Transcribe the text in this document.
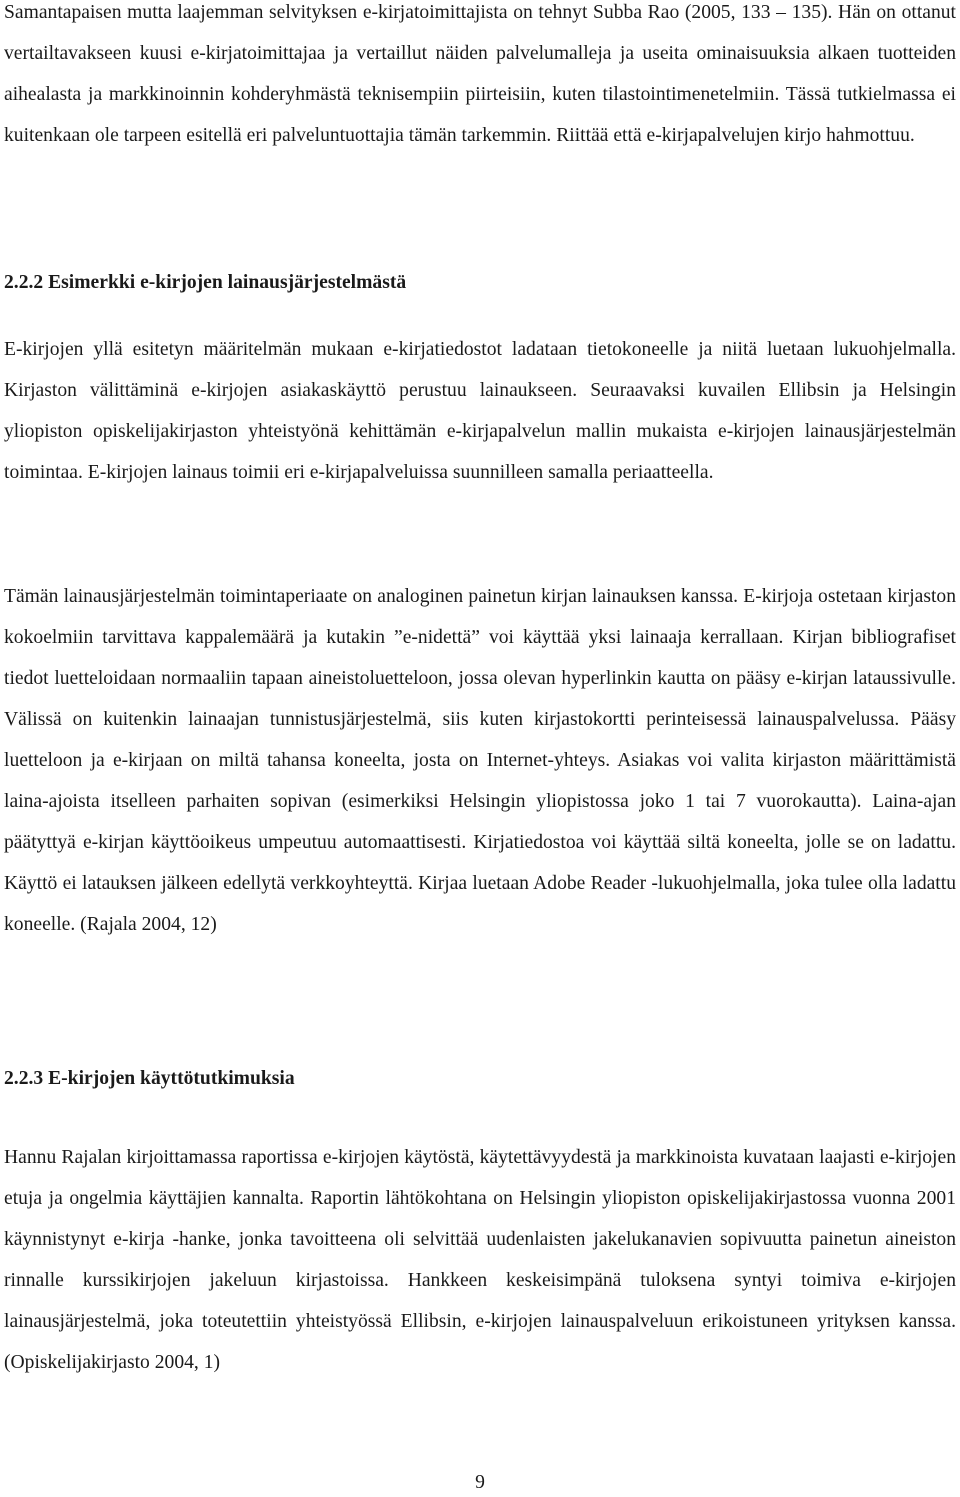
Samantapaisen mutta laajemman selvityksen e-kirjatoimittajista on tehnyt Subba Rao (2005, 133 – 135). Hän on ottanut vertailtavakseen kuusi e-kirjatoimittajaa ja vertaillut näiden palvelumalleja ja useita ominaisuuksia alkaen tuotteiden aihealasta ja markkinoinnin kohderyhmästä teknisempiin piirteisiin, kuten tilastointimenetelmiin. Tässä tutkielmassa ei kuitenkaan ole tarpeen esitellä eri palveluntuottajia tämän tarkemmin. Riittää että e-kirjapalvelujen kirjo hahmottuu.

2.2.2 Esimerkki e-kirjojen lainausjärjestelmästä

E-kirjojen yllä esitetyn määritelmän mukaan e-kirjatiedostot ladataan tietokoneelle ja niitä luetaan lukuohjelmalla. Kirjaston välittäminä e-kirjojen asiakaskäyttö perustuu lainaukseen. Seuraavaksi kuvailen Ellibsin ja Helsingin yliopiston opiskelijakirjaston yhteistyönä kehittämän e-kirjapalvelun mallin mukaista e-kirjojen lainausjärjestelmän toimintaa. E-kirjojen lainaus toimii eri e-kirjapalveluissa suunnilleen samalla periaatteella.

Tämän lainausjärjestelmän toimintaperiaate on analoginen painetun kirjan lainauksen kanssa. E-kirjoja ostetaan kirjaston kokoelmiin tarvittava kappalemäärä ja kutakin ”e-nidettä” voi käyttää yksi lainaaja kerrallaan. Kirjan bibliografiset tiedot luetteloidaan normaaliin tapaan aineistoluetteloon, jossa olevan hyperlinkin kautta on pääsy e-kirjan lataussivulle. Välissä on kuitenkin lainaajan tunnistusjärjestelmä, siis kuten kirjastokortti perinteisessä lainauspalvelussa. Pääsy luetteloon ja e-kirjaan on miltä tahansa koneelta, josta on Internet-yhteys. Asiakas voi valita kirjaston määrittämistä laina-ajoista itselleen parhaiten sopivan (esimerkiksi Helsingin yliopistossa joko 1 tai 7 vuorokautta). Laina-ajan päätyttyä e-kirjan käyttöoikeus umpeutuu automaattisesti. Kirjatiedostoa voi käyttää siltä koneelta, jolle se on ladattu. Käyttö ei latauksen jälkeen edellytä verkkoyhteyttä. Kirjaa luetaan Adobe Reader -lukuohjelmalla, joka tulee olla ladattu koneelle. (Rajala 2004, 12)

2.2.3 E-kirjojen käyttötutkimuksia

Hannu Rajalan kirjoittamassa raportissa e-kirjojen käytöstä, käytettävyydestä ja markkinoista kuvataan laajasti e-kirjojen etuja ja ongelmia käyttäjien kannalta. Raportin lähtökohtana on Helsingin yliopiston opiskelijakirjastossa vuonna 2001 käynnistynyt e-kirja -hanke, jonka tavoitteena oli selvittää uudenlaisten jakelukanavien sopivuutta painetun aineiston rinnalle kurssikirjojen jakeluun kirjastoissa. Hankkeen keskeisimpänä tuloksena syntyi toimiva e-kirjojen lainausjärjestelmä, joka toteutettiin yhteistyössä Ellibsin, e-kirjojen lainauspalveluun erikoistuneen yrityksen kanssa. (Opiskelijakirjasto 2004, 1)

9
